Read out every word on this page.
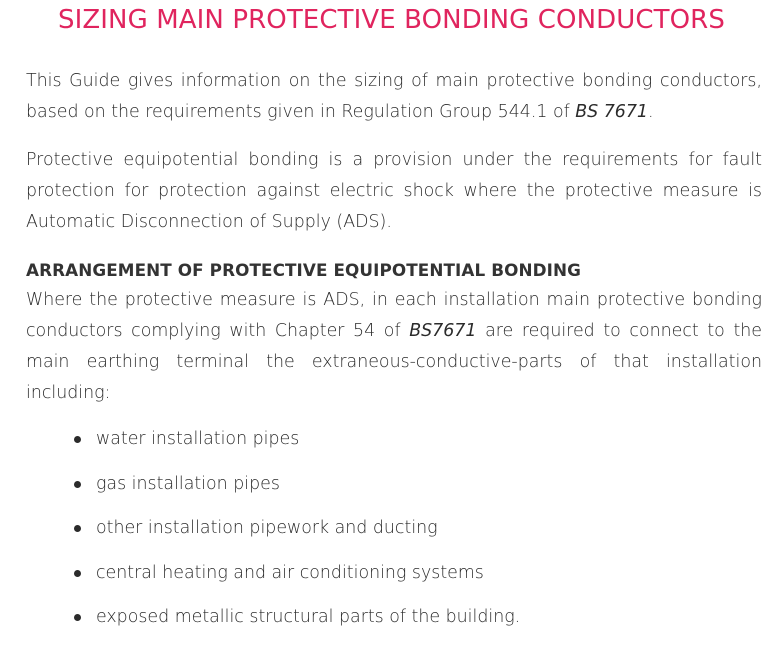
SIZING MAIN PROTECTIVE BONDING CONDUCTORS

This Guide gives information on the sizing of main protective bonding conductors, based on the requirements given in Regulation Group 544.1 of BS 7671.

Protective equipotential bonding is a provision under the requirements for fault protection for protection against electric shock where the protective measure is Automatic Disconnection of Supply (ADS).

ARRANGEMENT OF PROTECTIVE EQUIPOTENTIAL BONDING

Where the protective measure is ADS, in each installation main protective bonding conductors complying with Chapter 54 of BS7671 are required to connect to the main earthing terminal the extraneous-conductive-parts of that installation including:

water installation pipes
gas installation pipes
other installation pipework and ducting
central heating and air conditioning systems
exposed metallic structural parts of the building.
